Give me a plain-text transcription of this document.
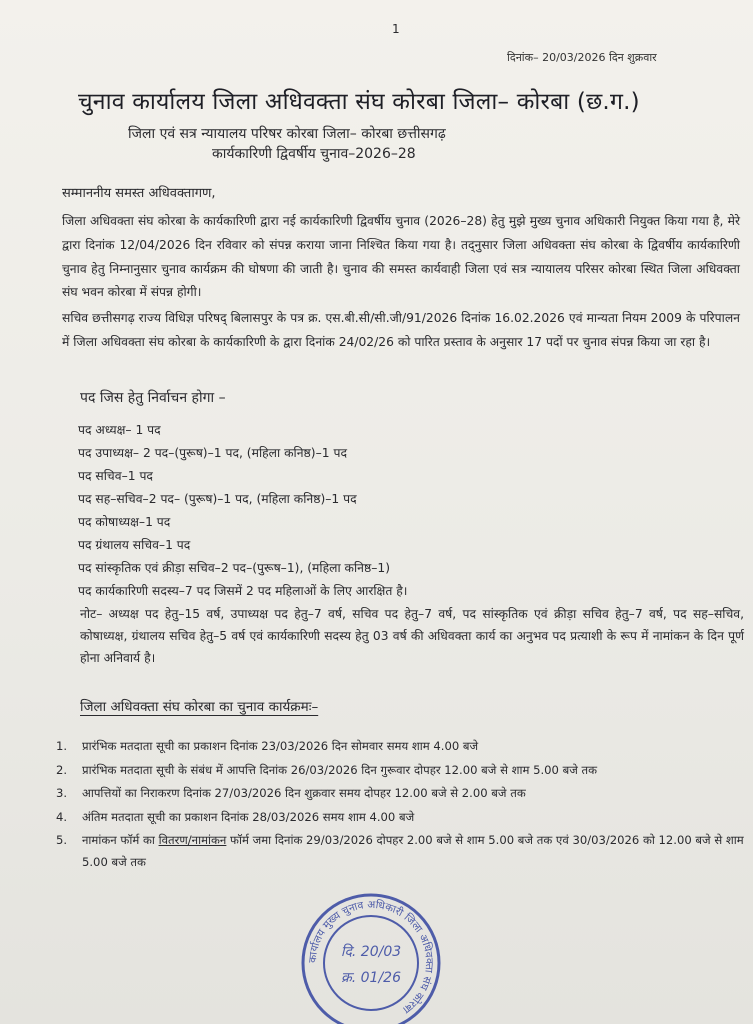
1
दिनांक– 20/03/2026 दिन शुक्रवार
चुनाव कार्यालय जिला अधिवक्ता संघ कोरबा जिला– कोरबा (छ.ग.)
जिला एवं सत्र न्यायालय परिषर कोरबा जिला– कोरबा छत्तीसगढ़
कार्यकारिणी द्विवर्षीय चुनाव–2026–28
सम्माननीय समस्त अधिवक्तागण,
जिला अधिवक्ता संघ कोरबा के कार्यकारिणी द्वारा नई कार्यकारिणी द्विवर्षीय चुनाव (2026–28) हेतु मुझे मुख्य चुनाव अधिकारी नियुक्त किया गया है, मेरे द्वारा दिनांक 12/04/2026 दिन रविवार को संपन्न कराया जाना निश्चित किया गया है। तद्नुसार जिला अधिवक्ता संघ कोरबा के द्विवर्षीय कार्यकारिणी चुनाव हेतु निम्नानुसार चुनाव कार्यक्रम की घोषणा की जाती है। चुनाव की समस्त कार्यवाही जिला एवं सत्र न्यायालय परिसर कोरबा स्थित जिला अधिवक्ता संघ भवन कोरबा में संपन्न होगी।
सचिव छत्तीसगढ़ राज्य विधिज्ञ परिषद् बिलासपुर के पत्र क्र. एस.बी.सी/सी.जी/91/2026 दिनांक 16.02.2026 एवं मान्यता नियम 2009 के परिपालन में जिला अधिवक्ता संघ कोरबा के कार्यकारिणी के द्वारा दिनांक 24/02/26 को पारित प्रस्ताव के अनुसार 17 पदों पर चुनाव संपन्न किया जा रहा है।
पद जिस हेतु निर्वाचन होगा –
पद अध्यक्ष– 1 पद
पद उपाध्यक्ष– 2 पद–(पुरूष)–1 पद, (महिला कनिष्ठ)–1 पद
पद सचिव–1 पद
पद सह–सचिव–2 पद– (पुरूष)–1 पद, (महिला कनिष्ठ)–1 पद
पद कोषाध्यक्ष–1 पद
पद ग्रंथालय सचिव–1 पद
पद सांस्कृतिक एवं क्रीड़ा सचिव–2 पद–(पुरूष–1), (महिला कनिष्ठ–1)
पद कार्यकारिणी सदस्य–7 पद जिसमें 2 पद महिलाओं के लिए आरक्षित है।
नोट– अध्यक्ष पद हेतु–15 वर्ष, उपाध्यक्ष पद हेतु–7 वर्ष, सचिव पद हेतु–7 वर्ष, पद सांस्कृतिक एवं क्रीड़ा सचिव हेतु–7 वर्ष, पद सह–सचिव, कोषाध्यक्ष, ग्रंथालय सचिव हेतु–5 वर्ष एवं कार्यकारिणी सदस्य हेतु 03 वर्ष की अधिवक्ता कार्य का अनुभव पद प्रत्याशी के रूप में नामांकन के दिन पूर्ण होना अनिवार्य है।
जिला अधिवक्ता संघ कोरबा का चुनाव कार्यक्रमः–
1.	प्रारंभिक मतदाता सूची का प्रकाशन दिनांक 23/03/2026 दिन सोमवार समय शाम 4.00 बजे
2.	प्रारंभिक मतदाता सूची के संबंध में आपत्ति दिनांक 26/03/2026 दिन गुरूवार दोपहर 12.00 बजे से शाम 5.00 बजे तक
3.	आपत्तियों का निराकरण दिनांक 27/03/2026 दिन शुक्रवार समय दोपहर 12.00 बजे से 2.00 बजे तक
4.	अंतिम मतदाता सूची का प्रकाशन दिनांक 28/03/2026 समय शाम 4.00 बजे
5.	नामांकन फॉर्म का वितरण/नामांकन फॉर्म जमा दिनांक 29/03/2026 दोपहर 2.00 बजे से शाम 5.00 बजे तक एवं 30/03/2026 को 12.00 बजे से शाम 5.00 बजे तक
कार्यालय मुख्य चुनाव अधिकारी जिला अधिवक्ता संघ कोरबा
दि. 20/03
क्र. 01/26
